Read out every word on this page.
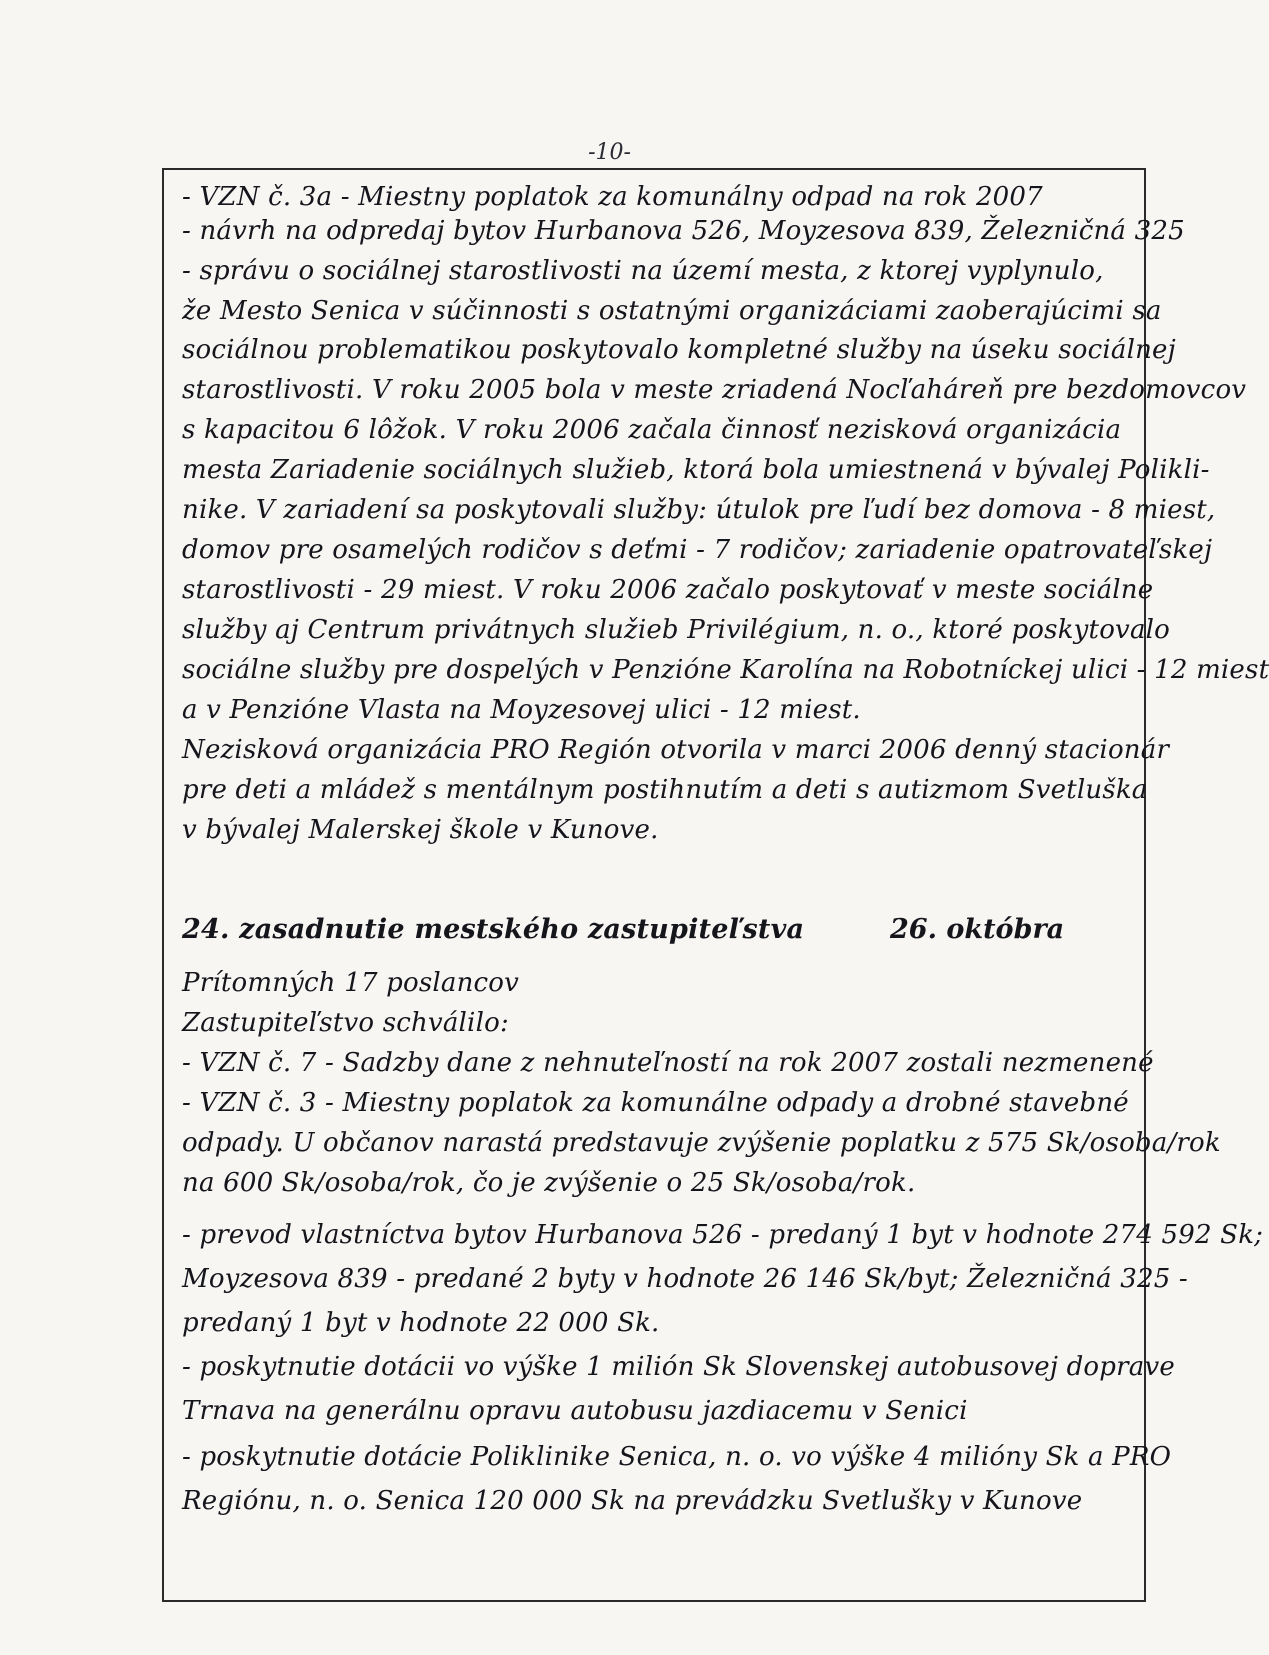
-10-
- VZN č. 3a - Miestny poplatok za komunálny odpad na rok 2007
- návrh na odpredaj bytov Hurbanova 526, Moyzesova 839, Železničná 325
- správu o sociálnej starostlivosti na území mesta, z ktorej vyplynulo,
že Mesto Senica v súčinnosti s ostatnými organizáciami zaoberajúcimi sa
sociálnou problematikou poskytovalo kompletné služby na úseku sociálnej
starostlivosti. V roku 2005 bola v meste zriadená Nocľaháreň pre bezdomovcov
s kapacitou 6 lôžok. V roku 2006 začala činnosť nezisková organizácia
mesta Zariadenie sociálnych služieb, ktorá bola umiestnená v bývalej Polikli-
nike. V zariadení sa poskytovali služby: útulok pre ľudí bez domova - 8 miest,
domov pre osamelých rodičov s deťmi - 7 rodičov; zariadenie opatrovateľskej
starostlivosti - 29 miest. V roku 2006 začalo poskytovať v meste sociálne
služby aj Centrum privátnych služieb Privilégium, n. o., ktoré poskytovalo
sociálne služby pre dospelých v Penzióne Karolína na Robotníckej ulici - 12 miest
a v Penzióne Vlasta na Moyzesovej ulici - 12 miest.
Nezisková organizácia PRO Región otvorila v marci 2006 denný stacionár
pre deti a mládež s mentálnym postihnutím a deti s autizmom Svetluška
v bývalej Malerskej škole v Kunove.
24. zasadnutie mestského zastupiteľstva	26. októbra
Prítomných 17 poslancov
Zastupiteľstvo schválilo:
- VZN č. 7 - Sadzby dane z nehnuteľností na rok 2007 zostali nezmenené
- VZN č. 3 - Miestny poplatok za komunálne odpady a drobné stavebné
odpady. U občanov narastá predstavuje zvýšenie poplatku z 575 Sk/osoba/rok
na 600 Sk/osoba/rok, čo je zvýšenie o 25 Sk/osoba/rok.
- prevod vlastníctva bytov Hurbanova 526 - predaný 1 byt v hodnote 274 592 Sk;
Moyzesova 839 - predané 2 byty v hodnote 26 146 Sk/byt; Železničná 325 -
predaný 1 byt v hodnote 22 000 Sk.
- poskytnutie dotácii vo výške 1 milión Sk Slovenskej autobusovej doprave
Trnava na generálnu opravu autobusu jazdiacemu v Senici
- poskytnutie dotácie Poliklinike Senica, n. o. vo výške 4 milióny Sk a PRO
Regiónu, n. o. Senica 120 000 Sk na prevádzku Svetlušky v Kunove
